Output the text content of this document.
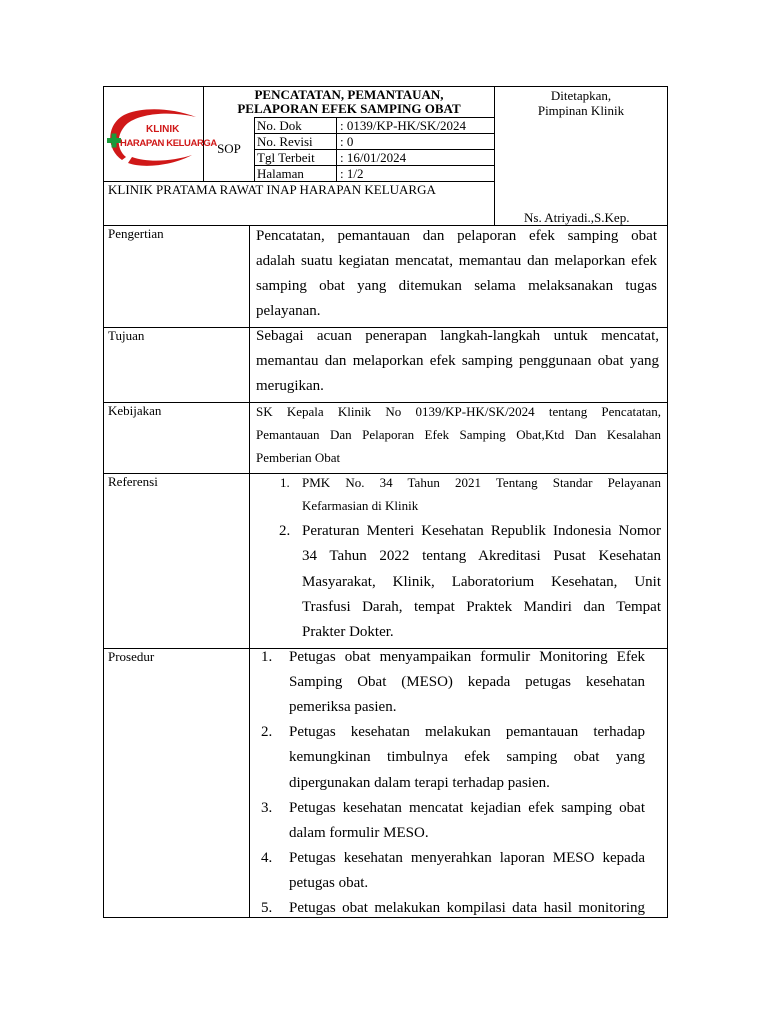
KLINIK
HARAPAN KELUARGA
PENCATATAN, PEMANTAUAN,
PELAPORAN EFEK SAMPING OBAT
SOP
No. Dok	: 0139/KP-HK/SK/2024
No. Revisi : 0
Tgl Terbeit : 16/01/2024
Halaman	: 1/2
Ditetapkan,
Pimpinan Klinik
Ns. Atriyadi.,S.Kep.
KLINIK PRATAMA RAWAT INAP HARAPAN KELUARGA
Pengertian	Pencatatan, pemantauan dan pelaporan efek samping obat
adalah suatu kegiatan mencatat, memantau dan melaporkan efek
samping obat yang ditemukan selama melaksanakan tugas
pelayanan.
Tujuan	Sebagai acuan penerapan langkah-langkah untuk mencatat,
memantau dan melaporkan efek samping penggunaan obat yang
merugikan.
Kebijakan	SK Kepala Klinik No 0139/KP-HK/SK/2024 tentang Pencatatan,
Pemantauan Dan Pelaporan Efek Samping Obat,Ktd Dan Kesalahan
Pemberian Obat
Referensi	1. PMK No. 34 Tahun 2021 Tentang Standar Pelayanan
Kefarmasian di Klinik
2. Peraturan Menteri Kesehatan Republik Indonesia Nomor
34 Tahun 2022 tentang Akreditasi Pusat Kesehatan
Masyarakat, Klinik, Laboratorium Kesehatan, Unit
Trasfusi Darah, tempat Praktek Mandiri dan Tempat
Prakter Dokter.
Prosedur	1. Petugas obat menyampaikan formulir Monitoring Efek
Samping Obat (MESO) kepada petugas kesehatan
pemeriksa pasien.
2. Petugas kesehatan melakukan pemantauan terhadap
kemungkinan timbulnya efek samping obat yang
dipergunakan dalam terapi terhadap pasien.
3. Petugas kesehatan mencatat kejadian efek samping obat
dalam formulir MESO.
4. Petugas kesehatan menyerahkan laporan MESO kepada
petugas obat.
5. Petugas obat melakukan kompilasi data hasil monitoring
